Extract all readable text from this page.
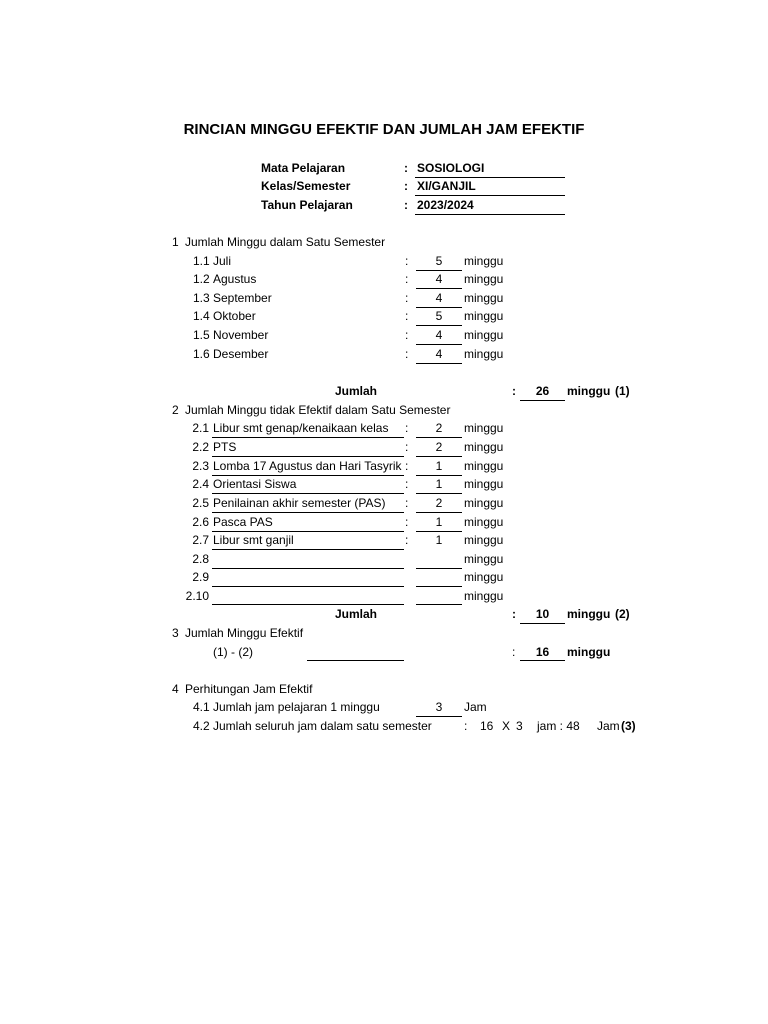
RINCIAN MINGGU EFEKTIF DAN JUMLAH JAM EFEKTIF
Mata Pelajaran	: SOSIOLOGI
Kelas/Semester	: XI/GANJIL
Tahun Pelajaran	: 2023/2024
1 Jumlah Minggu dalam Satu Semester
1.1 Juli	:	5	minggu
1.2 Agustus	:	4	minggu
1.3 September	:	4	minggu
1.4 Oktober	:	5	minggu
1.5 November	:	4	minggu
1.6 Desember	:	4	minggu
Jumlah	:	26	minggu (1)
2 Jumlah Minggu tidak Efektif dalam Satu Semester
2.1 Libur smt genap/kenaikaan kelas :	2	minggu
2.2 PTS	:	2	minggu
2.3 Lomba 17 Agustus dan Hari Tasyrik :	1	minggu
2.4 Orientasi Siswa	:	1	minggu
2.5 Penilainan akhir semester (PAS) :	2	minggu
2.6 Pasca PAS	:	1	minggu
2.7 Libur smt ganjil	:	1	minggu
2.8	minggu
2.9	minggu
2.10	minggu
Jumlah	:	10	minggu (2)
3 Jumlah Minggu Efektif
(1) - (2)	:	16	minggu
4 Perhitungan Jam Efektif
4.1 Jumlah jam pelajaran 1 minggu	3	Jam
4.2 Jumlah seluruh jam dalam satu semester	: 16 X 3 jam : 48 Jam (3)
